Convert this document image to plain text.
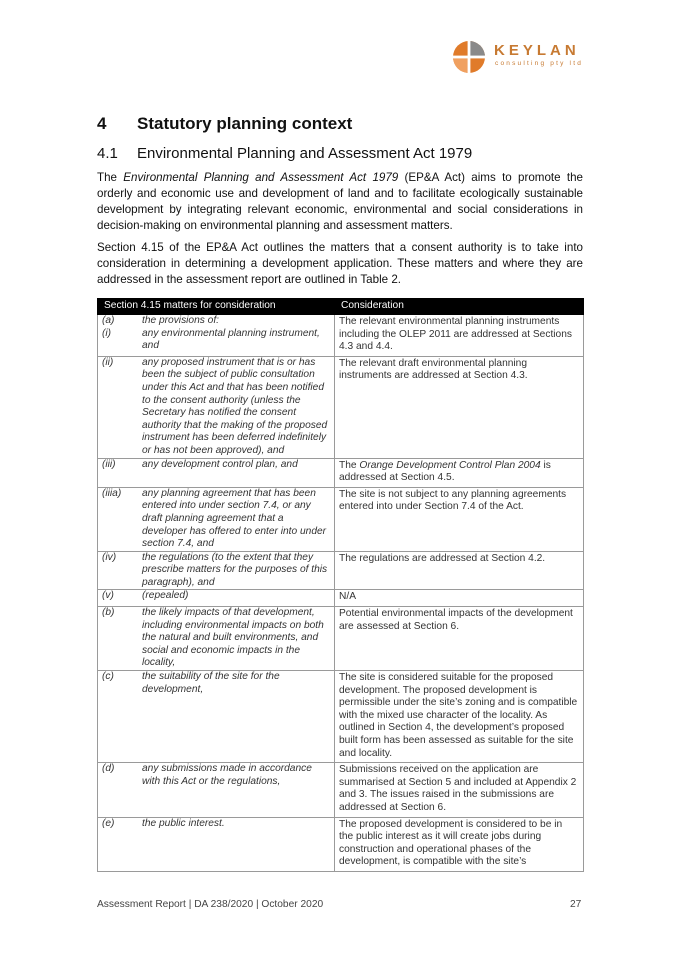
KEYLAN
consulting pty ltd
4 Statutory planning context
4.1 Environmental Planning and Assessment Act 1979
The Environmental Planning and Assessment Act 1979 (EP&A Act) aims to promote the orderly and economic use and development of land and to facilitate ecologically sustainable development by integrating relevant economic, environmental and social considerations in decision-making on environmental planning and assessment matters.
Section 4.15 of the EP&A Act outlines the matters that a consent authority is to take into consideration in determining a development application. These matters and where they are addressed in the assessment report are outlined in Table 2.
Section 4.15 matters for consideration	Consideration

(a) the provisions of:
(i) any environmental planning instrument, and	The relevant environmental planning instruments including the OLEP 2011 are addressed at Sections 4.3 and 4.4.

(ii) any proposed instrument that is or has been the subject of public consultation under this Act and that has been notified to the consent authority (unless the Secretary has notified the consent authority that the making of the proposed instrument has been deferred indefinitely or has not been approved), and	The relevant draft environmental planning instruments are addressed at Section 4.3.

(iii) any development control plan, and	The Orange Development Control Plan 2004 is addressed at Section 4.5.

(iiia) any planning agreement that has been entered into under section 7.4, or any draft planning agreement that a developer has offered to enter into under section 7.4, and	The site is not subject to any planning agreements entered into under Section 7.4 of the Act.

(iv) the regulations (to the extent that they prescribe matters for the purposes of this paragraph), and	The regulations are addressed at Section 4.2.

(v) (repealed)	N/A

(b) the likely impacts of that development, including environmental impacts on both the natural and built environments, and social and economic impacts in the locality,	Potential environmental impacts of the development are assessed at Section 6.

(c) the suitability of the site for the development,	The site is considered suitable for the proposed development. The proposed development is permissible under the site’s zoning and is compatible with the mixed use character of the locality. As outlined in Section 4, the development’s proposed built form has been assessed as suitable for the site and locality.

(d) any submissions made in accordance with this Act or the regulations,	Submissions received on the application are summarised at Section 5 and included at Appendix 2 and 3. The issues raised in the submissions are addressed at Section 6.

(e) the public interest.	The proposed development is considered to be in the public interest as it will create jobs during construction and operational phases of the development, is compatible with the site’s
Assessment Report | DA 238/2020 | October 2020	27
